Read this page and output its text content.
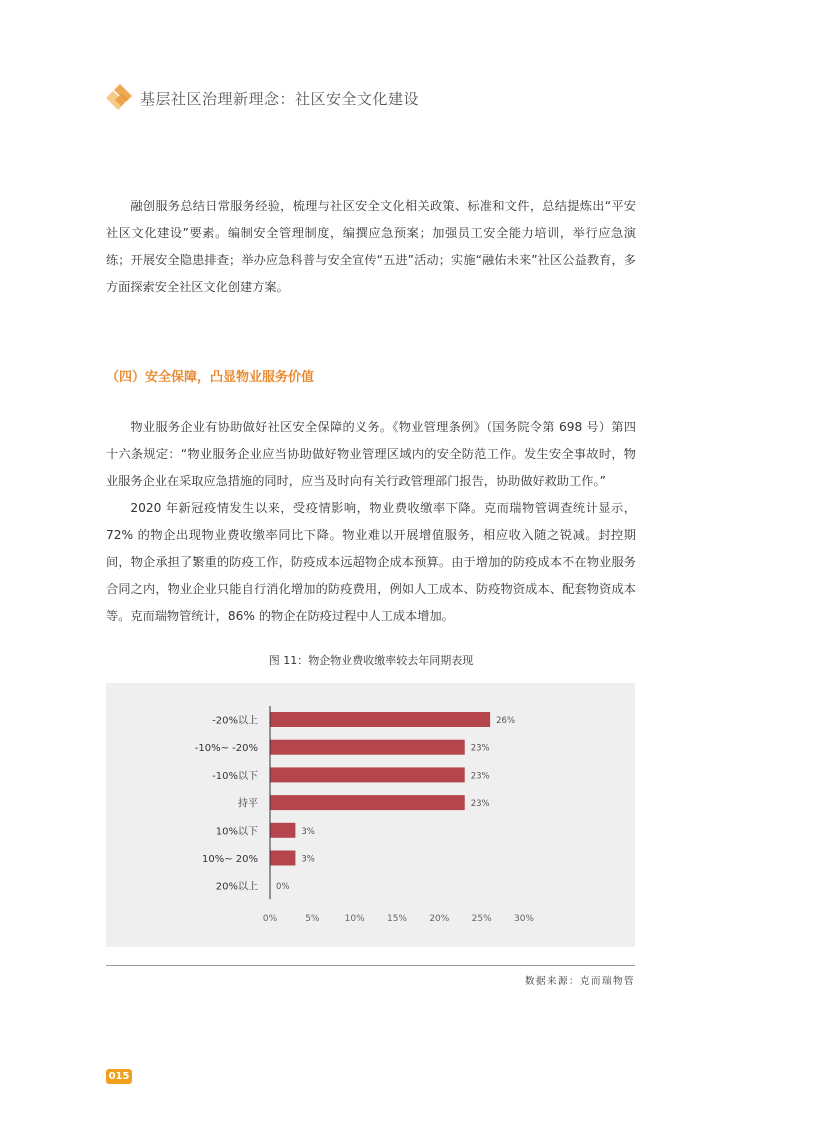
基层社区治理新理念：社区安全文化建设

融创服务总结日常服务经验，梳理与社区安全文化相关政策、标准和文件，总结提炼出“平安社区文化建设”要素。编制安全管理制度，编撰应急预案；加强员工安全能力培训，举行应急演练；开展安全隐患排查；举办应急科普与安全宣传“五进”活动；实施“融佑未来”社区公益教育，多方面探索安全社区文化创建方案。

（四）安全保障，凸显物业服务价值

物业服务企业有协助做好社区安全保障的义务。《物业管理条例》（国务院令第 698 号）第四十六条规定：“物业服务企业应当协助做好物业管理区域内的安全防范工作。发生安全事故时，物业服务企业在采取应急措施的同时，应当及时向有关行政管理部门报告，协助做好救助工作。”

2020 年新冠疫情发生以来，受疫情影响，物业费收缴率下降。克而瑞物管调查统计显示，72% 的物企出现物业费收缴率同比下降。物业难以开展增值服务，相应收入随之锐减。封控期间，物企承担了繁重的防疫工作，防疫成本远超物企成本预算。由于增加的防疫成本不在物业服务合同之内，物业企业只能自行消化增加的防疫费用，例如人工成本、防疫物资成本、配套物资成本等。克而瑞物管统计，86% 的物企在防疫过程中人工成本增加。

图 11：物企物业费收缴率较去年同期表现
-20%以上	26%
-10%~ -20%	23%
-10%以下	23%
持平	23%
10%以下	3%
10%~ 20%	3%
20%以上 0%
0%	5%	10% 15% 20% 25% 30%
数据来源：克而瑞物管
015
